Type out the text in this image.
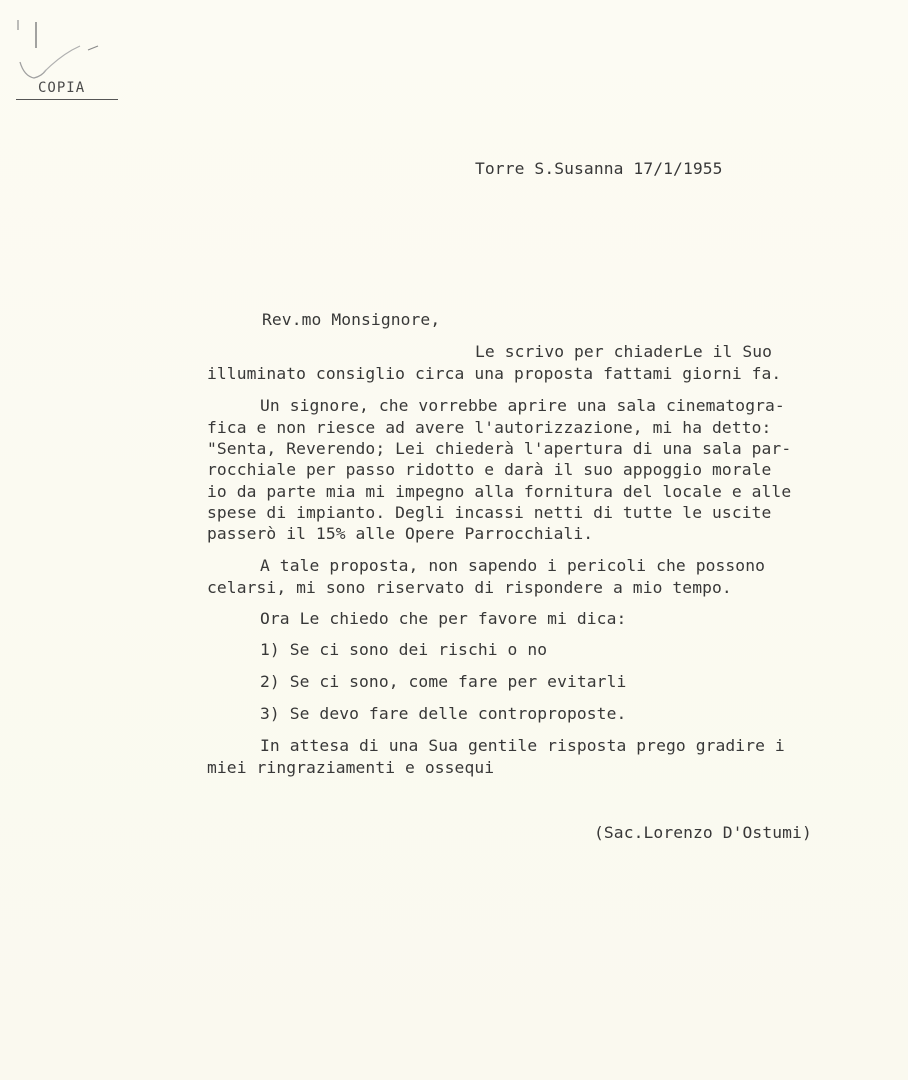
COPIA
Torre S.Susanna 17/1/1955
Rev.mo Monsignore,
Le scrivo per chiaderLe il Suo
illuminato consiglio circa una proposta fattami giorni fa.
Un signore, che vorrebbe aprire una sala cinematogra-
fica e non riesce ad avere l'autorizzazione, mi ha detto:
"Senta, Reverendo; Lei chiederà l'apertura di una sala par-
rocchiale per passo ridotto e darà il suo appoggio morale
io da parte mia mi impegno alla fornitura del locale e alle
spese di impianto. Degli incassi netti di tutte le uscite
passerò il 15% alle Opere Parrocchiali.
A tale proposta, non sapendo i pericoli che possono
celarsi, mi sono riservato di rispondere a mio tempo.
Ora Le chiedo che per favore mi dica:
1) Se ci sono dei rischi o no
2) Se ci sono, come fare per evitarli
3) Se devo fare delle controproposte.
In attesa di una Sua gentile risposta prego gradire i
miei ringraziamenti e ossequi
(Sac.Lorenzo D'Ostumi)
